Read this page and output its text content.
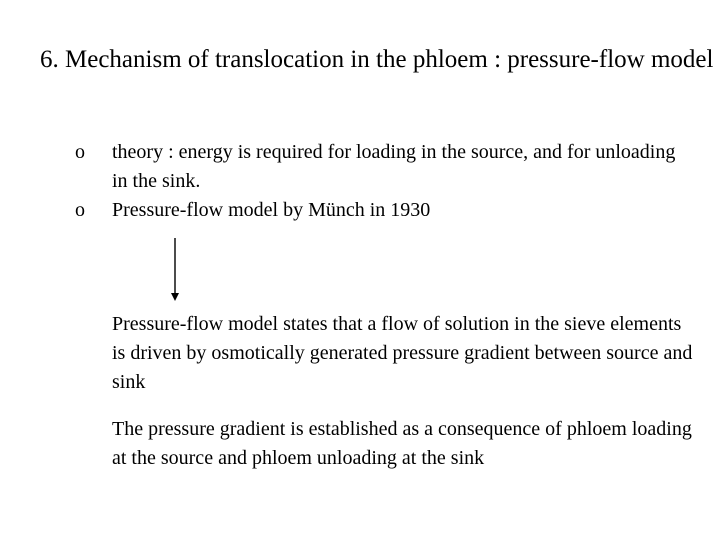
6. Mechanism of translocation in the phloem : pressure-flow model
o theory : energy is required for loading in the source, and for unloading in the sink.
o Pressure-flow model by Münch in 1930

Pressure-flow model states that a flow of solution in the sieve elements is driven by osmotically generated pressure gradient between source and sink

The pressure gradient is established as a consequence of phloem loading at the source and phloem unloading at the sink
